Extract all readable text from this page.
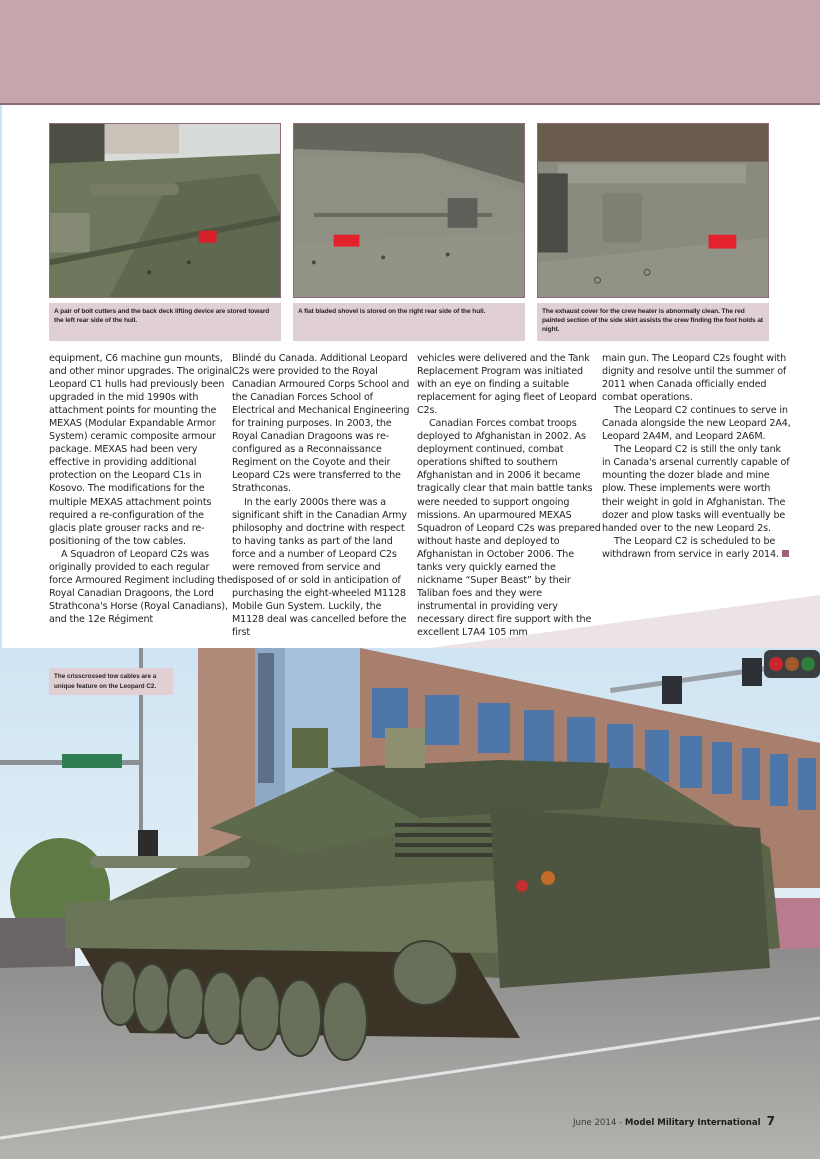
A pair of bolt cutters and the back deck lifting device are stored toward the left rear side of the hull.
A flat bladed shovel is stored on the right rear side of the hull.	The exhaust cover for the crew heater is abnormally clean. The red painted section of the side skirt assists the crew finding the foot holds at night.

equipment, C6 machine gun mounts, and other minor upgrades. The original Leopard C1 hulls had previously been upgraded in the mid 1990s with attachment points for mounting the MEXAS (Modular Expandable Armor System) ceramic composite armour package. MEXAS had been very effective in providing additional protection on the Leopard C1s in Kosovo. The modifications for the multiple MEXAS attachment points required a re-configuration of the glacis plate grouser racks and re-positioning of the tow cables.

A Squadron of Leopard C2s was originally provided to each regular force Armoured Regiment including the Royal Canadian Dragoons, the Lord Strathcona's Horse (Royal Canadians), and the 12e Régiment

Blindé du Canada. Additional Leopard C2s were provided to the Royal Canadian Armoured Corps School and the Canadian Forces School of Electrical and Mechanical Engineering for training purposes. In 2003, the Royal Canadian Dragoons was re-configured as a Reconnaissance Regiment on the Coyote and their Leopard C2s were transferred to the Strathconas.

In the early 2000s there was a significant shift in the Canadian Army philosophy and doctrine with respect to having tanks as part of the land force and a number of Leopard C2s were removed from service and disposed of or sold in anticipation of purchasing the eight-wheeled M1128 Mobile Gun System. Luckily, the M1128 deal was cancelled before the first

vehicles were delivered and the Tank Replacement Program was initiated with an eye on finding a suitable replacement for aging fleet of Leopard C2s.

Canadian Forces combat troops deployed to Afghanistan in 2002. As deployment continued, combat operations shifted to southern Afghanistan and in 2006 it became tragically clear that main battle tanks were needed to support ongoing missions. An uparmoured MEXAS Squadron of Leopard C2s was prepared without haste and deployed to Afghanistan in October 2006. The tanks very quickly earned the nickname “Super Beast” by their Taliban foes and they were instrumental in providing very necessary direct fire support with the excellent L7A4 105 mm

main gun. The Leopard C2s fought with dignity and resolve until the summer of 2011 when Canada officially ended combat operations.

The Leopard C2 continues to serve in Canada alongside the new Leopard 2A4, Leopard 2A4M, and Leopard 2A6M.

The Leopard C2 is still the only tank in Canada's arsenal currently capable of mounting the dozer blade and mine plow. These implements were worth their weight in gold in Afghanistan. The dozer and plow tasks will eventually be handed over to the new Leopard 2s.

The Leopard C2 is scheduled to be withdrawn from service in early 2014.

The crisscrossed tow cables are a unique feature on the Leopard C2.
June 2014 - Model Military International 7
